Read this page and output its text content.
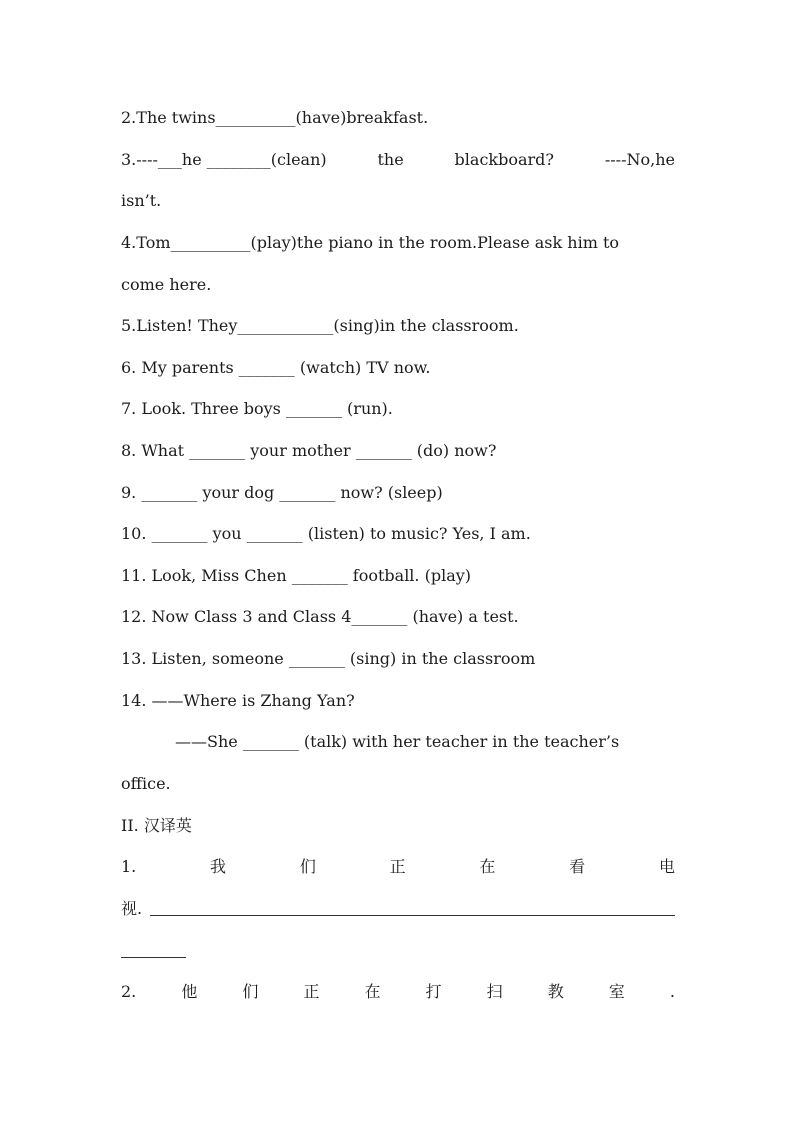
2.The twins__________(have)breakfast.
3.----___he ________(clean)	the	blackboard?	----No,he
isn’t.
4.Tom__________(play)the piano in the room.Please ask him to
come here.
5.Listen! They____________(sing)in the classroom.
6. My parents _______ (watch) TV now.
7. Look. Three boys _______ (run).
8. What _______ your mother _______ (do) now?
9. _______ your dog _______ now? (sleep)
10. _______ you _______ (listen) to music? Yes, I am.
11. Look, Miss Chen _______ football. (play)
12. Now Class 3 and Class 4_______ (have) a test.
13. Listen, someone _______ (sing) in the classroom
14. ——Where is Zhang Yan?
——She _______ (talk) with her teacher in the teacher’s
office.
II. 汉译英
1.	我	们	正	在	看	电
视.
2.	他	们	正	在	打	扫	教	室	.
